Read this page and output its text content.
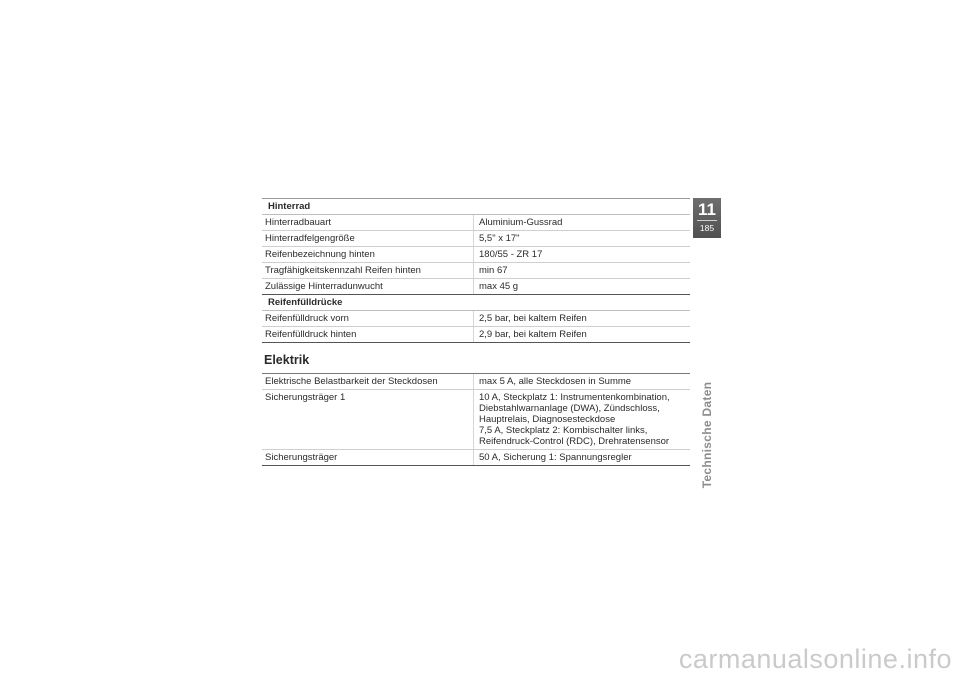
Hinterrad	
Hinterradbauart	Aluminium-Gussrad
Hinterradfelgengröße	5,5" x 17"
Reifenbezeichnung hinten	180/55 - ZR 17
Tragfähigkeitskennzahl Reifen hinten	min 67
Zulässige Hinterradunwucht	max 45 g
Reifenfülldrücke	
Reifenfülldruck vorn	2,5 bar, bei kaltem Reifen
Reifenfülldruck hinten	2,9 bar, bei kaltem Reifen
Elektrik
Elektrische Belastbarkeit der Steckdosen	max 5 A, alle Steckdosen in Summe
Sicherungsträger 1	10 A, Steckplatz 1: Instrumentenkombination,
Diebstahlwarnanlage (DWA), Zündschloss,
Hauptrelais, Diagnosesteckdose
7,5 A, Steckplatz 2: Kombischalter links,
Reifendruck-Control (RDC), Drehratensensor
Sicherungsträger	50 A, Sicherung 1: Spannungsregler
11
185
Technische Daten
carmanualsonline.info
